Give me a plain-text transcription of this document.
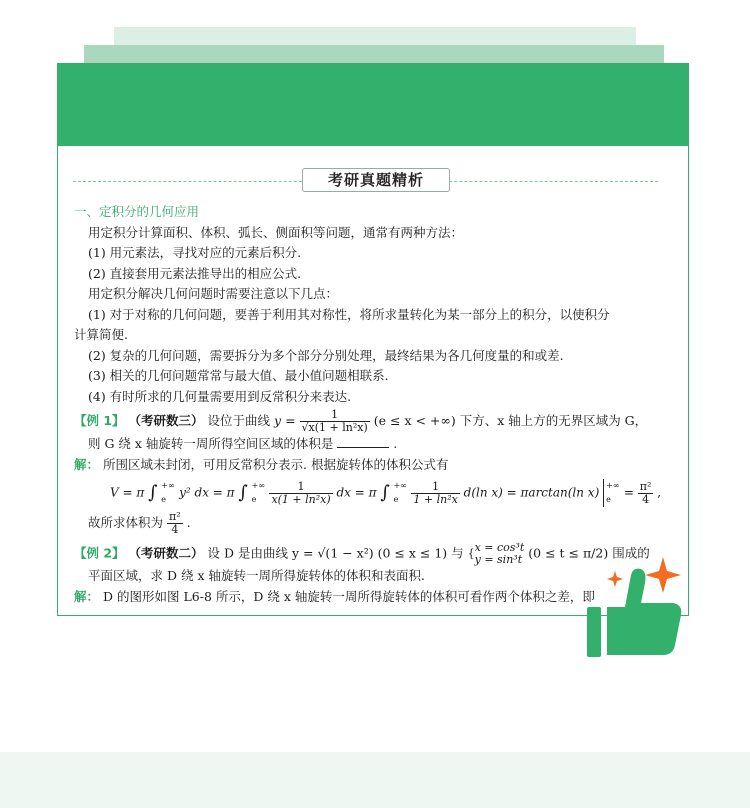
考研真题精析

一、定积分的几何应用

用定积分计算面积、体积、弧长、侧面积等问题，通常有两种方法：

(1) 用元素法，寻找对应的元素后积分.

(2) 直接套用元素法推导出的相应公式.

用定积分解决几何问题时需要注意以下几点：

(1) 对于对称的几何问题，要善于利用其对称性，将所求量转化为某一部分上的积分，以使积分

计算简便.

(2) 复杂的几何问题，需要拆分为多个部分分别处理，最终结果为各几何度量的和或差.

(3) 相关的几何问题常常与最大值、最小值问题相联系.

(4) 有时所求的几何量需要用到反常积分来表达.

【例 1】 （考研数三） 设位于曲线 $y = \frac{1}{\text{√x(1 + ln²x)}} (e \le x$ < +∞) 下方、x 轴上方的无界区域为 G，

则 G 绕 x 轴旋转一周所得空间区域的体积是	.

解： 所围区域未封闭，可用反常积分表示. 根据旋转体的体积公式有

V = π ∫ +∞
e	y² dx = π ∫ +∞
e
	$\frac{1}{\text{x(1 + ln²x)}}$ dx = π ∫ +∞
e
	$\frac{1}{\text{1 + ln²x}} d(\ln$ x) = πarctan(ln x) +∞
e	= $\frac{\text{π²}}{4}$ ,

故所求体积为 $\frac{\text{π²}}{4}$ .

【例 2】 （考研数二） 设 D 是由曲线 y = √(1 − x²) (0 ≤ x ≤ 1) 与 { x = cos³t
y = sin³t (0 ≤ t ≤ π/2) 围成的

平面区域，求 D 绕 x 轴旋转一周所得旋转体的体积和表面积.

解： D 的图形如图 L6-8 所示，D 绕 x 轴旋转一周所得旋转体的体积可看作两个体积之差，即
